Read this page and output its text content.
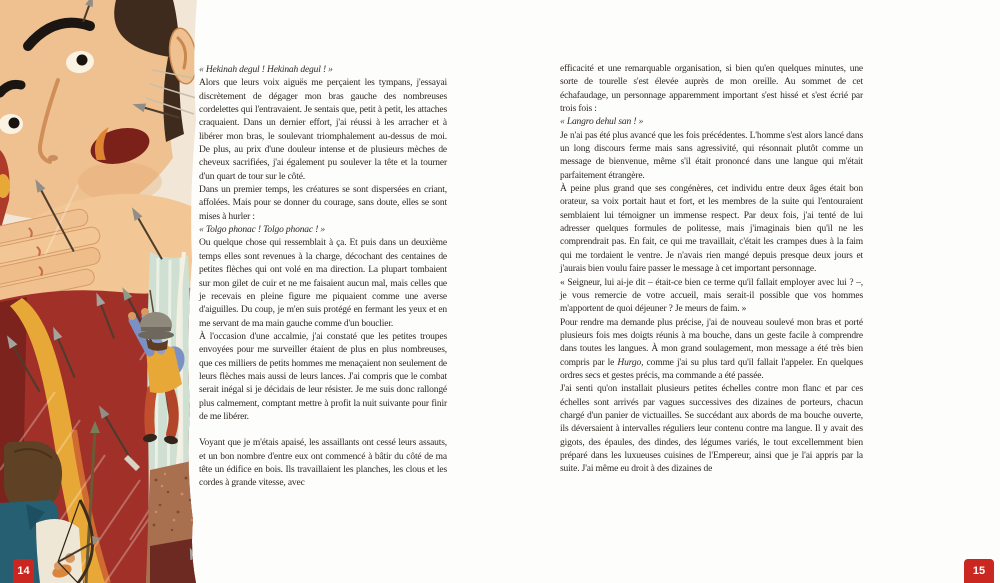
« Hekinah degul ! Hekinah degul ! »

Alors que leurs voix aiguës me perçaient les tympans, j'essayai discrètement de dégager mon bras gauche des nombreuses cordelettes qui l'entravaient. Je sentais que, petit à petit, les attaches craquaient. Dans un dernier effort, j'ai réussi à les arracher et à libérer mon bras, le soulevant triomphalement au-dessus de moi. De plus, au prix d'une douleur intense et de plusieurs mèches de cheveux sacrifiées, j'ai également pu soulever la tête et la tourner d'un quart de tour sur le côté.

Dans un premier temps, les créatures se sont dispersées en criant, affolées. Mais pour se donner du courage, sans doute, elles se sont mises à hurler :

« Tolgo phonac ! Tolgo phonac ! »

Ou quelque chose qui ressemblait à ça. Et puis dans un deuxième temps elles sont revenues à la charge, décochant des centaines de petites flèches qui ont volé en ma direction. La plupart tombaient sur mon gilet de cuir et ne me faisaient aucun mal, mais celles que je recevais en pleine figure me piquaient comme une averse d'aiguilles. Du coup, je m'en suis protégé en fermant les yeux et en me servant de ma main gauche comme d'un bouclier.

À l'occasion d'une accalmie, j'ai constaté que les petites troupes envoyées pour me surveiller étaient de plus en plus nombreuses, que ces milliers de petits hommes me menaçaient non seulement de leurs flèches mais aussi de leurs lances. J'ai compris que le combat serait inégal si je décidais de leur résister. Je me suis donc rallongé plus calmement, comptant mettre à profit la nuit suivante pour finir de me libérer.

Voyant que je m'étais apaisé, les assaillants ont cessé leurs assauts, et un bon nombre d'entre eux ont commencé à bâtir du côté de ma tête un édifice en bois. Ils travaillaient les planches, les clous et les cordes à grande vitesse, avec

efficacité et une remarquable organisation, si bien qu'en quelques minutes, une sorte de tourelle s'est élevée auprès de mon oreille. Au sommet de cet échafaudage, un personnage apparemment important s'est hissé et s'est écrié par trois fois :

« Langro dehul san ! »

Je n'ai pas été plus avancé que les fois précédentes. L'homme s'est alors lancé dans un long discours ferme mais sans agressivité, qui résonnait plutôt comme un message de bienvenue, même s'il était prononcé dans une langue qui m'était parfaitement étrangère.

À peine plus grand que ses congénères, cet individu entre deux âges était bon orateur, sa voix portait haut et fort, et les membres de la suite qui l'entouraient semblaient lui témoigner un immense respect. Par deux fois, j'ai tenté de lui adresser quelques formules de politesse, mais j'imaginais bien qu'il ne les comprendrait pas. En fait, ce qui me travaillait, c'était les crampes dues à la faim qui me tordaient le ventre. Je n'avais rien mangé depuis presque deux jours et j'aurais bien voulu faire passer le message à cet important personnage.

« Seigneur, lui ai-je dit – était-ce bien ce terme qu'il fallait employer avec lui ? –, je vous remercie de votre accueil, mais serait-il possible que vos hommes m'apportent de quoi déjeuner ? Je meurs de faim. »

Pour rendre ma demande plus précise, j'ai de nouveau soulevé mon bras et porté plusieurs fois mes doigts réunis à ma bouche, dans un geste facile à comprendre dans toutes les langues. À mon grand soulagement, mon message a été très bien compris par le Hurgo, comme j'ai su plus tard qu'il fallait l'appeler. En quelques ordres secs et gestes précis, ma commande a été passée.

J'ai senti qu'on installait plusieurs petites échelles contre mon flanc et par ces échelles sont arrivés par vagues successives des dizaines de porteurs, chacun chargé d'un panier de victuailles. Se succédant aux abords de ma bouche ouverte, ils déversaient à intervalles réguliers leur contenu contre ma langue. Il y avait des gigots, des épaules, des dindes, des légumes variés, le tout excellemment bien préparé dans les luxueuses cuisines de l'Empereur, ainsi que je l'ai appris par la suite. J'ai même eu droit à des dizaines de

14	15
